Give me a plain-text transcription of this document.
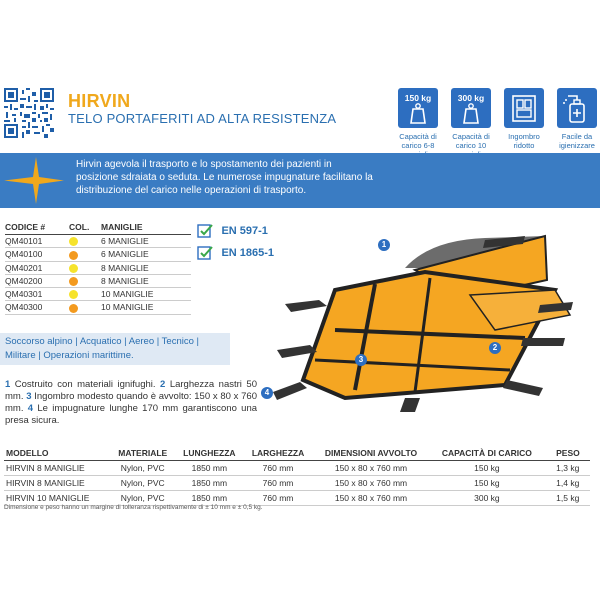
HIRVIN
TELO PORTAFERITI AD ALTA RESISTENZA
150 kg
Capacità di carico 6-8
300 kg
Capacità di carico 10
Ingombro ridotto
Facile da igienizzare
Hirvin agevola il trasporto e lo spostamento dei pazienti in posizione sdraiata o seduta. Le numerose impugnature facilitano la distribuzione del carico nelle operazioni di trasporto.
CODICE #	COL.	MANIGLIE
QM40101		6 MANIGLIE
QM40100		6 MANIGLIE
QM40201		8 MANIGLIE
QM40200		8 MANIGLIE
QM40301		10 MANIGLIE
QM40300		10 MANIGLIE
EN 597-1
EN 1865-1
Soccorso alpino | Acquatico | Aereo | Tecnico | Militare | Operazioni marittime.
1 Costruito con materiali ignifughi. 2 Larghezza nastri 50 mm. 3 Ingombro modesto quando è avvolto: 150 x 80 x 760 mm. 4 Le impugnature lunghe 170 mm garantiscono una presa sicura.
1
2
3
4
MODELLO	MATERIALE	LUNGHEZZA	LARGHEZZA	DIMENSIONI AVVOLTO	CAPACITÀ DI CARICO	PESO
HIRVIN 8 MANIGLIE	Nylon, PVC	1850 mm	760 mm	150 x 80 x 760 mm	150 kg	1,3 kg
HIRVIN 8 MANIGLIE	Nylon, PVC	1850 mm	760 mm	150 x 80 x 760 mm	150 kg	1,4 kg
HIRVIN 10 MANIGLIE	Nylon, PVC	1850 mm	760 mm	150 x 80 x 760 mm	300 kg	1,5 kg
Dimensione e peso hanno un margine di tolleranza rispettivamente di ± 10 mm e ± 0,5 kg.
